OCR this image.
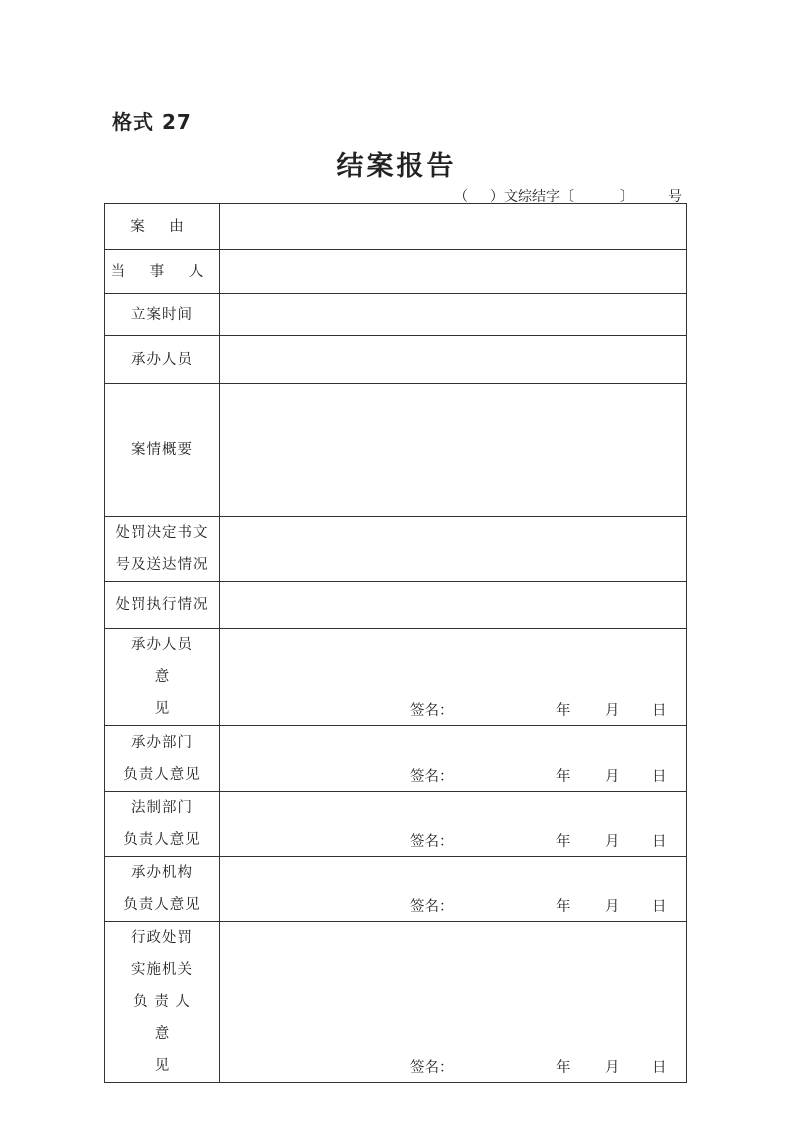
格式 27
结案报告
（ ）文综结字〔	〕 号
案 由	

当 事 人	

立案时间	

承办人员	

案情概要	

处罚决定书文
号及送达情况	

处罚执行情况	

承办人员
意 见	签名： 年 月 日

承办部门
负责人意见	签名： 年 月 日

法制部门
负责人意见	签名： 年 月 日

承办机构
负责人意见	签名： 年 月 日

行政处罚
实施机关
负 责 人
意 见	签名： 年 月 日
